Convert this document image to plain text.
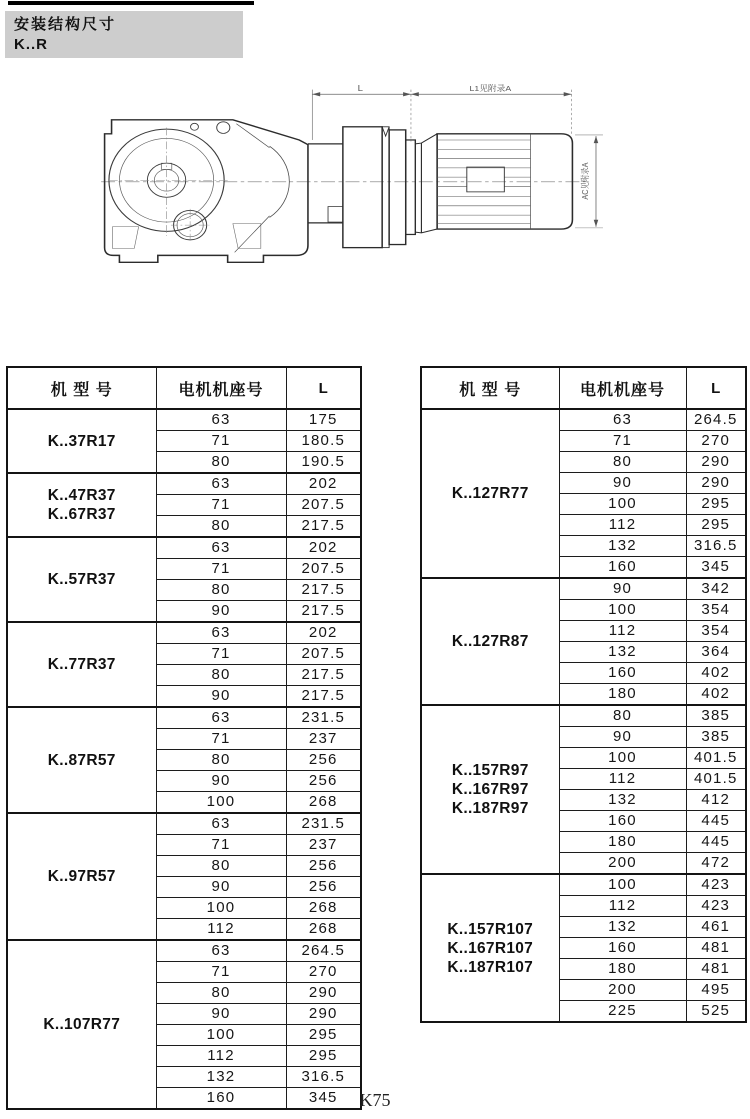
安装结构尺寸
K..R
L	L1见附录A
AC见附录A
机 型 号	电机机座号	L

K..37R17	63	175
	71	180.5
	80	190.5

K..47R37
K..67R37	63	202
	71	207.5
	80	217.5

K..57R37	63	202
	71	207.5
	80	217.5
	90	217.5

K..77R37	63	202
	71	207.5
	80	217.5
	90	217.5

K..87R57	63	231.5
	71	237
	80	256
	90	256
	100	268

K..97R57	63	231.5
	71	237
	80	256
	90	256
	100	268
	112	268

K..107R77	63	264.5
	71	270
	80	290
	90	290
	100	295
	112	295
	132	316.5
	160	345
机 型 号	电机机座号	L

K..127R77	63	264.5
	71	270
	80	290
	90	290
	100	295
	112	295
	132	316.5
	160	345

K..127R87	90	342
	100	354
	112	354
	132	364
	160	402
	180	402

K..157R97
K..167R97
K..187R97	80	385
	90	385
	100	401.5
	112	401.5
	132	412
	160	445
	180	445
	200	472

K..157R107
K..167R107
K..187R107	100	423
	112	423
	132	461
	160	481
	180	481
	200	495
	225	525
K75
